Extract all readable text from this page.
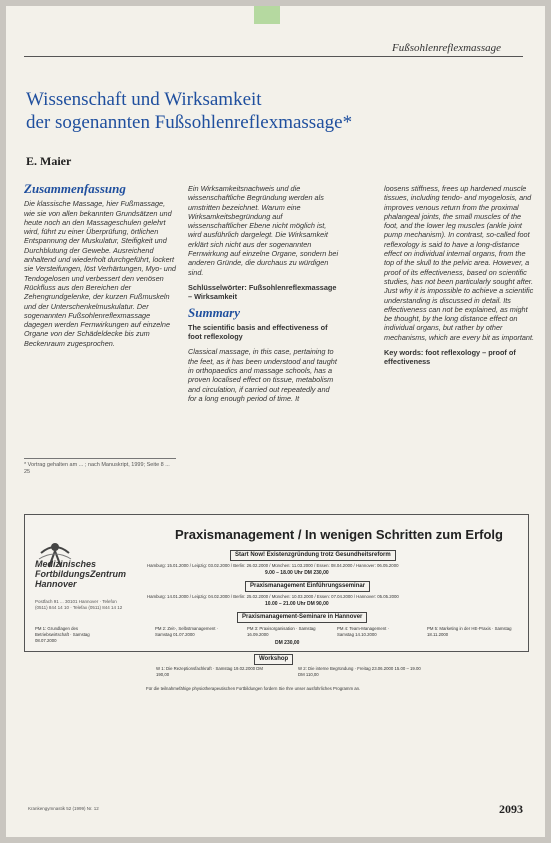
Fußsohlenreflexmassage
Wissenschaft und Wirksamkeit
der sogenannten Fußsohlenreflexmassage*
E. Maier
Zusammenfassung

Die klassische Massage, hier Fußmassage, wie sie von allen bekannten Grundsätzen und heute noch an den Massageschulen gelehrt wird, führt zu einer Überprüfung, örtlichen Entspannung der Muskulatur, Steifigkeit und Durchblutung der Gewebe. Ausreichend anhaltend und wiederholt durchgeführt, lockert sie Versteifungen, löst Verhärtungen, Myo- und Tendogelosen und verbessert den venösen Rückfluss aus den Bereichen der Zehengrundgelenke, der kurzen Fußmuskeln und der Unterschenkelmuskulatur. Der sogenannten Fußsohlenreflexmassage dagegen werden Fernwirkungen auf einzelne Organe von der Schädeldecke bis zum Beckenraum zugesprochen.

* Vortrag gehalten am ... ; nach Manuskript, 1999; Seite 8 ... 25

Ein Wirksamkeitsnachweis und die wissenschaftliche Begründung werden als umstritten bezeichnet. Warum eine Wirksamkeitsbegründung auf wissenschaftlicher Ebene nicht möglich ist, wird ausführlich dargelegt. Die Wirksamkeit erklärt sich nicht aus der sogenannten Fernwirkung auf einzelne Organe, sondern bei anderen Gründe, die durchaus zu würdigen sind.

Schlüsselwörter: Fußsohlenreflexmassage – Wirksamkeit

Summary

The scientific basis and effectiveness of foot reflexology

Classical massage, in this case, pertaining to the feet, as it has been understood and taught in orthopaedics and massage schools, has a proven localised effect on tissue, metabolism and circulation, if carried out repeatedly and for a long enough period of time. It

loosens stiffness, frees up hardened muscle tissues, including tendo- and myogelosis, and improves venous return from the proximal phalangeal joints, the small muscles of the foot, and the lower leg muscles (ankle joint pump mechanism). In contrast, so-called foot reflexology is said to have a long-distance effect on individual internal organs, from the top of the skull to the pelvic area. However, a proof of its effectiveness, based on scientific studies, has not been particularly sought after. Just why it is impossible to achieve a scientific understanding is discussed in detail. Its effectiveness can not be explained, as might be thought, by the long distance effect on individual organs, but rather by other mechanisms, which are every bit as important.

Key words: foot reflexology – proof of effectiveness

Praxismanagement / In wenigen Schritten zum Erfolg
Medizinisches FortbildungsZentrum Hannover
Postfach 91 ... 30101 Hannover · Telefon (0511) 844 14 10 · Telefax (0511) 844 14 12
Start Now! Existenzgründung trotz Gesundheitsreform
Hamburg: 15.01.2000 / Leipzig: 03.02.2000 / Berlin: 26.02.2000 / München: 11.03.2000 / Essen: 08.04.2000 / Hannover: 06.05.2000
9.00 – 18.00 Uhr DM 230,00
Praxismanagement Einführungsseminar
Hamburg: 14.01.2000 / Leipzig: 04.02.2000 / Berlin: 25.02.2000 / München: 10.03.2000 / Essen: 07.04.2000 / Hannover: 05.05.2000
10.00 – 21.00 Uhr DM 90,00
Praxismanagement-Seminare in Hannover
PM 1: Grundlagen des Betriebswirtschaft · Samstag 08.07.2000
PM 2: Zeit-, Selbstmanagement · Samstag 01.07.2000
PM 3: Praxisorganisation · Samstag 16.09.2000
PM 4: Team-Management · Samstag 14.10.2000
PM 5: Marketing in der HE-Praxis · Samstag 18.11.2000
DM 230,00
Workshop
W 1: Die Rezeptionsfachkraft · Samstag 19.02.2000 DM 190,00
W 2: Die interne Begründung · Freitag 23.06.2000 15.00 – 19.00 DM 110,00
Für die teilnahmefähige physiotherapeutischen Fortbildungen fordern Sie Ihre unser ausführliches Programm an.
Krankengymnastik 52 (1999) Nr. 12	2093
